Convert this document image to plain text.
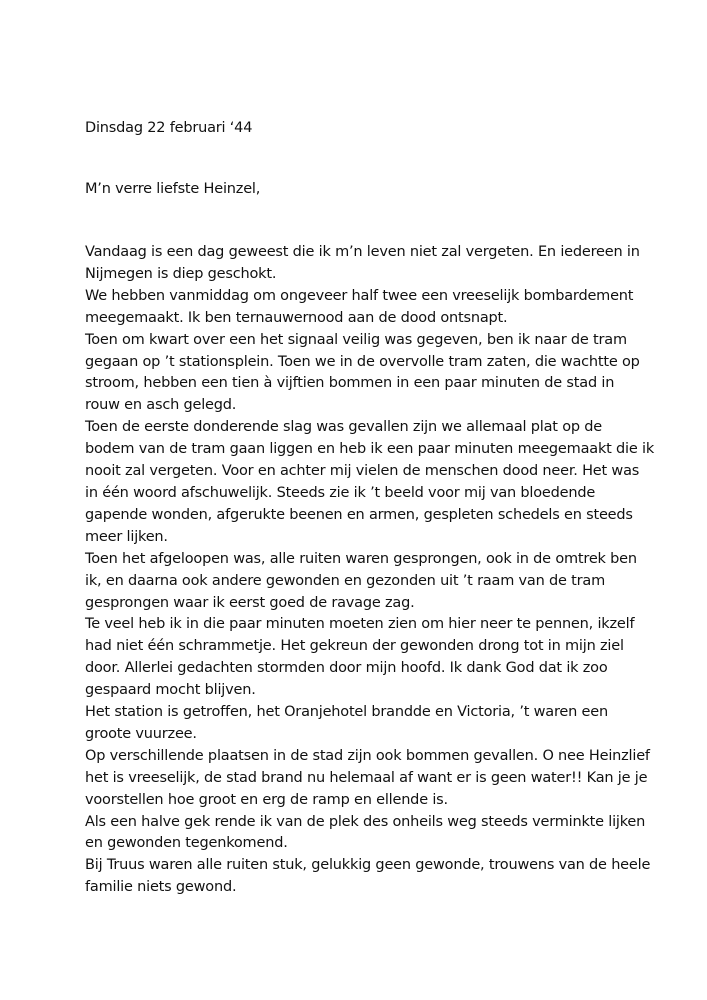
Dinsdag 22 februari ‘44
M’n verre liefste Heinzel,
Vandaag is een dag geweest die ik m’n leven niet zal vergeten. En iedereen in
Nijmegen is diep geschokt.
We hebben vanmiddag om ongeveer half twee een vreeselijk bombardement
meegemaakt. Ik ben ternauwernood aan de dood ontsnapt.
Toen om kwart over een het signaal veilig was gegeven, ben ik naar de tram
gegaan op ’t stationsplein. Toen we in de overvolle tram zaten, die wachtte op
stroom, hebben een tien à vijftien bommen in een paar minuten de stad in
rouw en asch gelegd.
Toen de eerste donderende slag was gevallen zijn we allemaal plat op de
bodem van de tram gaan liggen en heb ik een paar minuten meegemaakt die ik
nooit zal vergeten. Voor en achter mij vielen de menschen dood neer. Het was
in één woord afschuwelijk. Steeds zie ik ’t beeld voor mij van bloedende
gapende wonden, afgerukte beenen en armen, gespleten schedels en steeds
meer lijken.
Toen het afgeloopen was, alle ruiten waren gesprongen, ook in de omtrek ben
ik, en daarna ook andere gewonden en gezonden uit ’t raam van de tram
gesprongen waar ik eerst goed de ravage zag.
Te veel heb ik in die paar minuten moeten zien om hier neer te pennen, ikzelf
had niet één schrammetje. Het gekreun der gewonden drong tot in mijn ziel
door. Allerlei gedachten stormden door mijn hoofd. Ik dank God dat ik zoo
gespaard mocht blijven.
Het station is getroffen, het Oranjehotel brandde en Victoria, ’t waren een
groote vuurzee.
Op verschillende plaatsen in de stad zijn ook bommen gevallen. O nee Heinzlief
het is vreeselijk, de stad brand nu helemaal af want er is geen water!! Kan je je
voorstellen hoe groot en erg de ramp en ellende is.
Als een halve gek rende ik van de plek des onheils weg steeds verminkte lijken
en gewonden tegenkomend.
Bij Truus waren alle ruiten stuk, gelukkig geen gewonde, trouwens van de heele
familie niets gewond.
